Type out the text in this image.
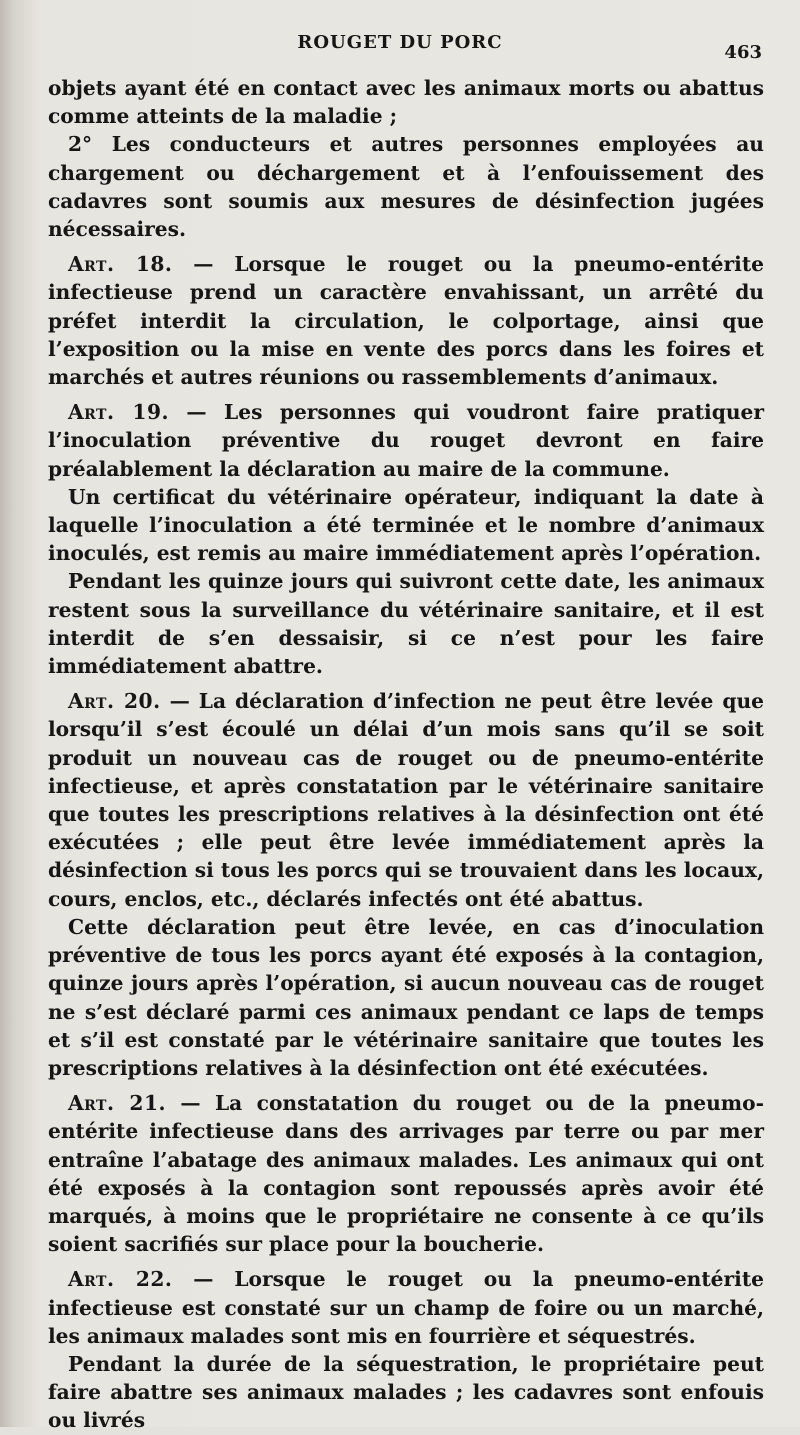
ROUGET DU PORC	463

objets ayant été en contact avec les animaux morts ou abattus comme atteints de la maladie ;

2° Les conducteurs et autres personnes employées au chargement ou déchargement et à l’enfouissement des cadavres sont soumis aux mesures de désinfection jugées nécessaires.

Art. 18. — Lorsque le rouget ou la pneumo-entérite infectieuse prend un caractère envahissant, un arrêté du préfet interdit la circulation, le colportage, ainsi que l’exposition ou la mise en vente des porcs dans les foires et marchés et autres réunions ou rassemblements d’animaux.

Art. 19. — Les personnes qui voudront faire pratiquer l’inoculation préventive du rouget devront en faire préalablement la déclaration au maire de la commune.

Un certificat du vétérinaire opérateur, indiquant la date à laquelle l’inoculation a été terminée et le nombre d’animaux inoculés, est remis au maire immédiatement après l’opération.

Pendant les quinze jours qui suivront cette date, les animaux restent sous la surveillance du vétérinaire sanitaire, et il est interdit de s’en dessaisir, si ce n’est pour les faire immédiatement abattre.

Art. 20. — La déclaration d’infection ne peut être levée que lorsqu’il s’est écoulé un délai d’un mois sans qu’il se soit produit un nouveau cas de rouget ou de pneumo-entérite infectieuse, et après constatation par le vétérinaire sanitaire que toutes les prescriptions relatives à la désinfection ont été exécutées ; elle peut être levée immédiatement après la désinfection si tous les porcs qui se trouvaient dans les locaux, cours, enclos, etc., déclarés infectés ont été abattus.

Cette déclaration peut être levée, en cas d’inoculation préventive de tous les porcs ayant été exposés à la contagion, quinze jours après l’opération, si aucun nouveau cas de rouget ne s’est déclaré parmi ces animaux pendant ce laps de temps et s’il est constaté par le vétérinaire sanitaire que toutes les prescriptions relatives à la désinfection ont été exécutées.

Art. 21. — La constatation du rouget ou de la pneumo-entérite infectieuse dans des arrivages par terre ou par mer entraîne l’abatage des animaux malades. Les animaux qui ont été exposés à la contagion sont repoussés après avoir été marqués, à moins que le propriétaire ne consente à ce qu’ils soient sacrifiés sur place pour la boucherie.

Art. 22. — Lorsque le rouget ou la pneumo-entérite infectieuse est constaté sur un champ de foire ou un marché, les animaux malades sont mis en fourrière et séquestrés.

Pendant la durée de la séquestration, le propriétaire peut faire abattre ses animaux malades ; les cadavres sont enfouis ou livrés
